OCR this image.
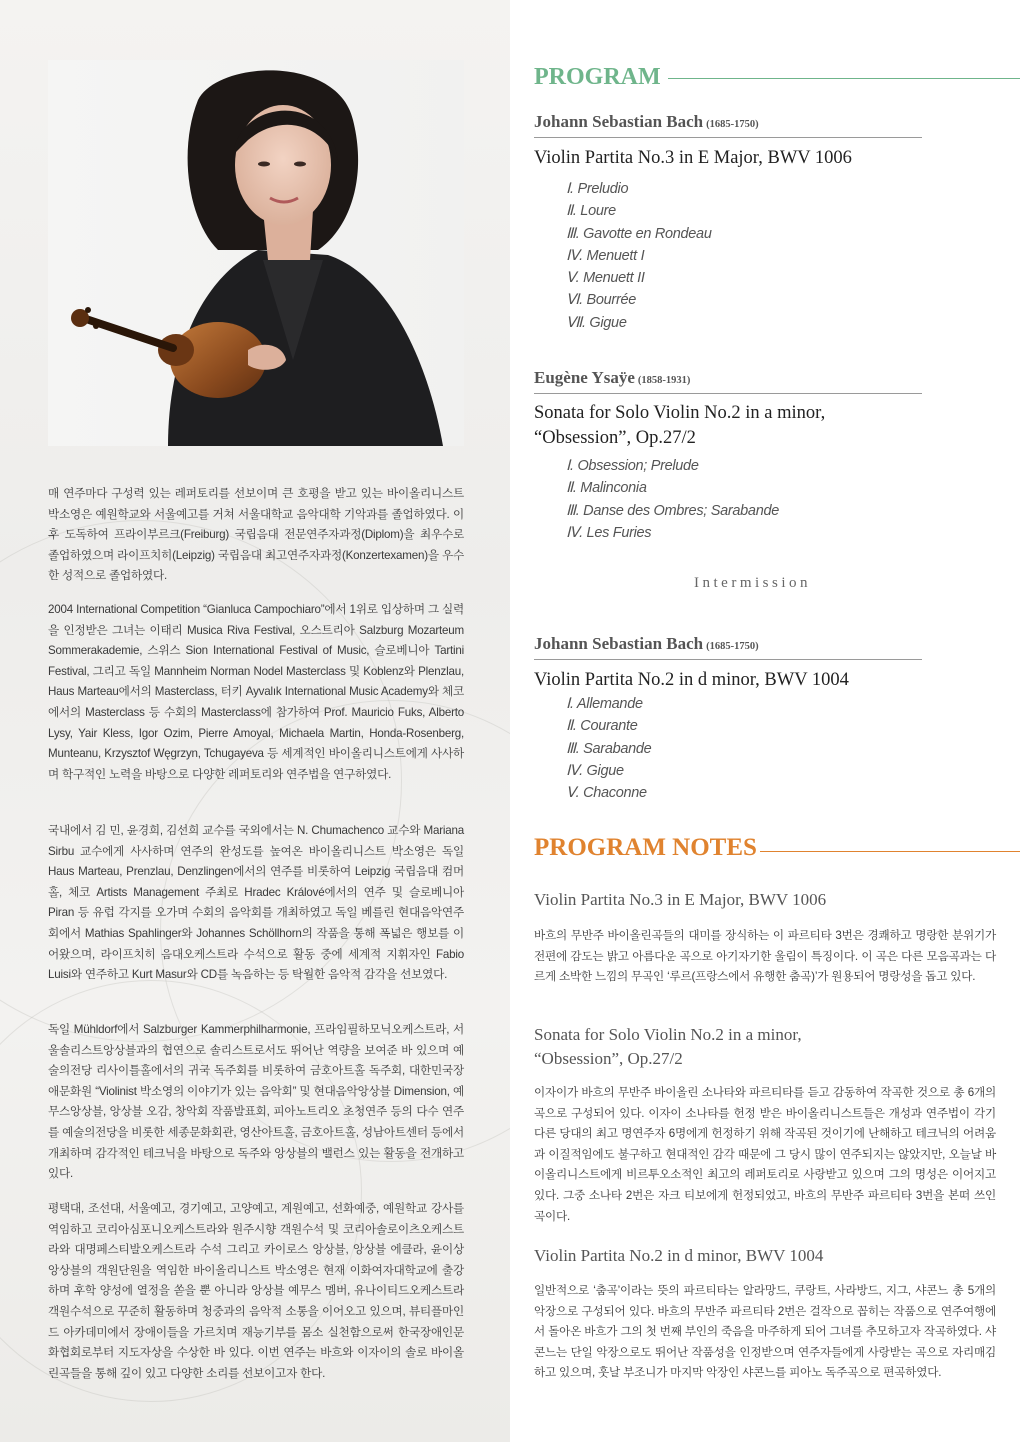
매 연주마다 구성력 있는 레퍼토리를 선보이며 큰 호평을 받고 있는 바이올리니스트 박소영은 예원학교와 서울예고를 거쳐 서울대학교 음악대학 기악과를 졸업하였다. 이후 도독하여 프라이부르크(Freiburg) 국립음대 전문연주자과정(Diplom)을 최우수로 졸업하였으며 라이프치히(Leipzig) 국립음대 최고연주자과정(Konzertexamen)을 우수한 성적으로 졸업하였다.

2004 International Competition “Gianluca Campochiaro”에서 1위로 입상하며 그 실력을 인정받은 그녀는 이태리 Musica Riva Festival, 오스트리아 Salzburg Mozarteum Sommerakademie, 스위스 Sion International Festival of Music, 슬로베니아 Tartini Festival, 그리고 독일 Mannheim Norman Nodel Masterclass 및 Koblenz와 Plenzlau, Haus Marteau에서의 Masterclass, 터키 Ayvalık International Music Academy와 체코에서의 Masterclass 등 수회의 Masterclass에 참가하여 Prof. Mauricio Fuks, Alberto Lysy, Yair Kless, Igor Ozim, Pierre Amoyal, Michaela Martin, Honda-Rosenberg, Munteanu, Krzysztof Węgrzyn, Tchugayeva 등 세계적인 바이올리니스트에게 사사하며 학구적인 노력을 바탕으로 다양한 레퍼토리와 연주법을 연구하였다.

국내에서 김 민, 윤경희, 김선희 교수를 국외에서는 N. Chumachenco 교수와 Mariana Sirbu 교수에게 사사하며 연주의 완성도를 높여온 바이올리니스트 박소영은 독일 Haus Marteau, Prenzlau, Denzlingen에서의 연주를 비롯하여 Leipzig 국립음대 컴머홀, 체코 Artists Management 주최로 Hradec Králové에서의 연주 및 슬로베니아 Piran 등 유럽 각지를 오가며 수회의 음악회를 개최하였고 독일 베를린 현대음악연주회에서 Mathias Spahlinger와 Johannes Schöllhorn의 작품을 통해 폭넓은 행보를 이어왔으며, 라이프치히 음대오케스트라 수석으로 활동 중에 세계적 지휘자인 Fabio Luisi와 연주하고 Kurt Masur와 CD를 녹음하는 등 탁월한 음악적 감각을 선보였다.

독일 Mühldorf에서 Salzburger Kammerphilharmonie, 프라임필하모닉오케스트라, 서울솔리스트앙상블과의 협연으로 솔리스트로서도 뛰어난 역량을 보여준 바 있으며 예술의전당 리사이틀홀에서의 귀국 독주회를 비롯하여 금호아트홀 독주회, 대한민국장애문화원 “Violinist 박소영의 이야기가 있는 음악회” 및 현대음악앙상블 Dimension, 예무스앙상블, 앙상블 오감, 창악회 작품발표회, 피아노트리오 초청연주 등의 다수 연주를 예술의전당을 비롯한 세종문화회관, 영산아트홀, 금호아트홀, 성남아트센터 등에서 개최하며 감각적인 테크닉을 바탕으로 독주와 앙상블의 밸런스 있는 활동을 전개하고 있다.

평택대, 조선대, 서울예고, 경기예고, 고양예고, 계원예고, 선화예중, 예원학교 강사를 역임하고 코리아심포니오케스트라와 원주시향 객원수석 및 코리아솔로이츠오케스트라와 대명페스티발오케스트라 수석 그리고 카이로스 앙상블, 앙상블 에클라, 윤이상 앙상블의 객원단원을 역임한 바이올리니스트 박소영은 현재 이화여자대학교에 출강하며 후학 양성에 열정을 쏟을 뿐 아니라 앙상블 예무스 멤버, 유나이티드오케스트라 객원수석으로 꾸준히 활동하며 청중과의 음악적 소통을 이어오고 있으며, 뷰티플마인드 아카데미에서 장애이들을 가르치며 재능기부를 몸소 실천함으로써 한국장애인문화협회로부터 지도자상을 수상한 바 있다. 이번 연주는 바흐와 이자이의 솔로 바이올린곡들을 통해 깊이 있고 다양한 소리를 선보이고자 한다.

PROGRAM

Johann Sebastian Bach (1685-1750)

Violin Partita No.3 in E Major, BWV 1006

Ⅰ. Preludio
Ⅱ. Loure
Ⅲ. Gavotte en Rondeau
Ⅳ. Menuett I
Ⅴ. Menuett II
Ⅵ. Bourrée
Ⅶ. Gigue

Eugène Ysaÿe (1858-1931)

Sonata for Solo Violin No.2 in a minor,
“Obsession”, Op.27/2

Ⅰ. Obsession; Prelude
Ⅱ. Malinconia
Ⅲ. Danse des Ombres; Sarabande
Ⅳ. Les Furies

Intermission

Johann Sebastian Bach (1685-1750)

Violin Partita No.2 in d minor, BWV 1004

Ⅰ. Allemande
Ⅱ. Courante
Ⅲ. Sarabande
Ⅳ. Gigue
Ⅴ. Chaconne
PROGRAM NOTES

Violin Partita No.3 in E Major, BWV 1006

바흐의 무반주 바이올린곡들의 대미를 장식하는 이 파르티타 3번은 경쾌하고 명랑한 분위기가 전편에 감도는 밝고 아름다운 곡으로 아기자기한 울림이 특징이다. 이 곡은 다른 모음곡과는 다르게 소박한 느낌의 무곡인 ‘루르(프랑스에서 유행한 춤곡)’가 원용되어 명랑성을 돕고 있다.

Sonata for Solo Violin No.2 in a minor,
“Obsession”, Op.27/2

이자이가 바흐의 무반주 바이올린 소나타와 파르티타를 듣고 감동하여 작곡한 것으로 총 6개의 곡으로 구성되어 있다. 이자이 소나타를 헌정 받은 바이올리니스트들은 개성과 연주법이 각기 다른 당대의 최고 명연주자 6명에게 헌정하기 위해 작곡된 것이기에 난해하고 테크닉의 어려움과 이질적임에도 불구하고 현대적인 감각 때문에 그 당시 많이 연주되지는 않았지만, 오늘날 바이올리니스트에게 비르투오소적인 최고의 레퍼토리로 사랑받고 있으며 그의 명성은 이어지고 있다. 그중 소나타 2번은 자크 티보에게 헌정되었고, 바흐의 무반주 파르티타 3번을 본떠 쓰인 곡이다.

Violin Partita No.2 in d minor, BWV 1004

일반적으로 ‘춤곡’이라는 뜻의 파르티타는 알라망드, 쿠랑트, 사라방드, 지그, 샤콘느 총 5개의 악장으로 구성되어 있다. 바흐의 무반주 파르티타 2번은 걸작으로 꼽히는 작품으로 연주여행에서 돌아온 바흐가 그의 첫 번째 부인의 죽음을 마주하게 되어 그녀를 추모하고자 작곡하였다. 샤콘느는 단일 악장으로도 뛰어난 작품성을 인정받으며 연주자들에게 사랑받는 곡으로 자리매김하고 있으며, 훗날 부조니가 마지막 악장인 샤콘느를 피아노 독주곡으로 편곡하였다.
